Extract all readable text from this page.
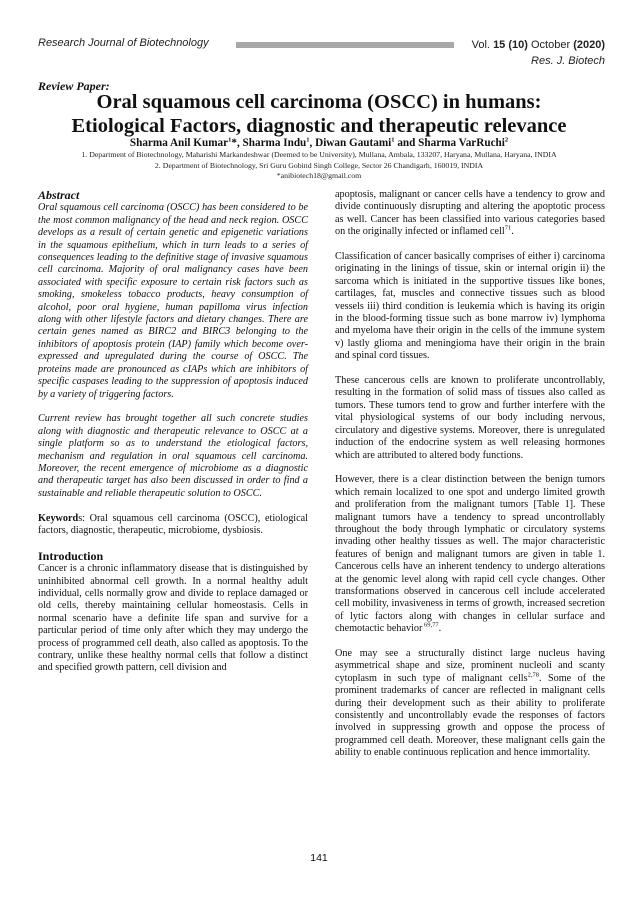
Research Journal of Biotechnology	Vol. 15 (10) October (2020)
Res. J. Biotech
Review Paper:
Oral squamous cell carcinoma (OSCC) in humans:
Etiological Factors, diagnostic and therapeutic relevance
Sharma Anil Kumar$^1$*, Sharma Indu$^1$, Diwan Gautami$^1$ and Sharma VarRuchi$^2$
1. Department of Biotechnology, Maharishi Markandeshwar (Deemed to be University), Mullana, Ambala, 133207, Haryana, Mullana, Haryana, INDIA
2. Department of Biotechnology, Sri Guru Gobind Singh College, Sector 26 Chandigarh, 160019, INDIA
*anibiotech18@gmail.com
Abstract

Oral squamous cell carcinoma (OSCC) has been considered to be the most common malignancy of the head and neck region. OSCC develops as a result of certain genetic and epigenetic variations in the squamous epithelium, which in turn leads to a series of consequences leading to the definitive stage of invasive squamous cell carcinoma. Majority of oral malignancy cases have been associated with specific exposure to certain risk factors such as smoking, smokeless tobacco products, heavy consumption of alcohol, poor oral hygiene, human papilloma virus infection along with other lifestyle factors and dietary changes. There are certain genes named as BIRC2 and BIRC3 belonging to the inhibitors of apoptosis protein (IAP) family which become over-expressed and upregulated during the course of OSCC. The proteins made are pronounced as cIAPs which are inhibitors of specific caspases leading to the suppression of apoptosis induced by a variety of triggering factors.

Current review has brought together all such concrete studies along with diagnostic and therapeutic relevance to OSCC at a single platform so as to understand the etiological factors, mechanism and regulation in oral squamous cell carcinoma. Moreover, the recent emergence of microbiome as a diagnostic and therapeutic target has also been discussed in order to find a sustainable and reliable therapeutic solution to OSCC.

Keywords: Oral squamous cell carcinoma (OSCC), etiological factors, diagnostic, therapeutic, microbiome, dysbiosis.

Introduction

Cancer is a chronic inflammatory disease that is distinguished by uninhibited abnormal cell growth. In a normal healthy adult individual, cells normally grow and divide to replace damaged or old cells, thereby maintaining cellular homeostasis. Cells in normal scenario have a definite life span and survive for a particular period of time only after which they may undergo the process of programmed cell death, also called as apoptosis. To the contrary, unlike these healthy normal cells that follow a distinct and specified growth pattern, cell division and

apoptosis, malignant or cancer cells have a tendency to grow and divide continuously disrupting and altering the apoptotic process as well. Cancer has been classified into various categories based on the originally infected or inflamed cell$^{71}$.

Classification of cancer basically comprises of either i) carcinoma originating in the linings of tissue, skin or internal origin ii) the sarcoma which is initiated in the supportive tissues like bones, cartilages, fat, muscles and connective tissues such as blood vessels iii) third condition is leukemia which is having its origin in the blood-forming tissue such as bone marrow iv) lymphoma and myeloma have their origin in the cells of the immune system v) lastly glioma and meningioma have their origin in the brain and spinal cord tissues.

These cancerous cells are known to proliferate uncontrollably, resulting in the formation of solid mass of tissues also called as tumors. These tumors tend to grow and further interfere with the vital physiological systems of our body including nervous, circulatory and digestive systems. Moreover, there is unregulated induction of the endocrine system as well releasing hormones which are attributed to altered body functions.

However, there is a clear distinction between the benign tumors which remain localized to one spot and undergo limited growth and proliferation from the malignant tumors [Table 1]. These malignant tumors have a tendency to spread uncontrollably throughout the body through lymphatic or circulatory systems invading other healthy tissues as well. The major characteristic features of benign and malignant tumors are given in table 1. Cancerous cells have an inherent tendency to undergo alterations at the genomic level along with rapid cell cycle changes. Other transformations observed in cancerous cell include accelerated cell mobility, invasiveness in terms of growth, increased secretion of lytic factors along with changes in cellular surface and chemotactic behavior $^{69,77}$.

One may see a structurally distinct large nucleus having asymmetrical shape and size, prominent nucleoli and scanty cytoplasm in such type of malignant cells$^{2,78}$. Some of the prominent trademarks of cancer are reflected in malignant cells during their development such as their ability to proliferate consistently and uncontrollably evade the responses of factors involved in suppressing growth and oppose the process of programmed cell death. Moreover, these malignant cells gain the ability to enable continuous replication and hence immortality.

141
